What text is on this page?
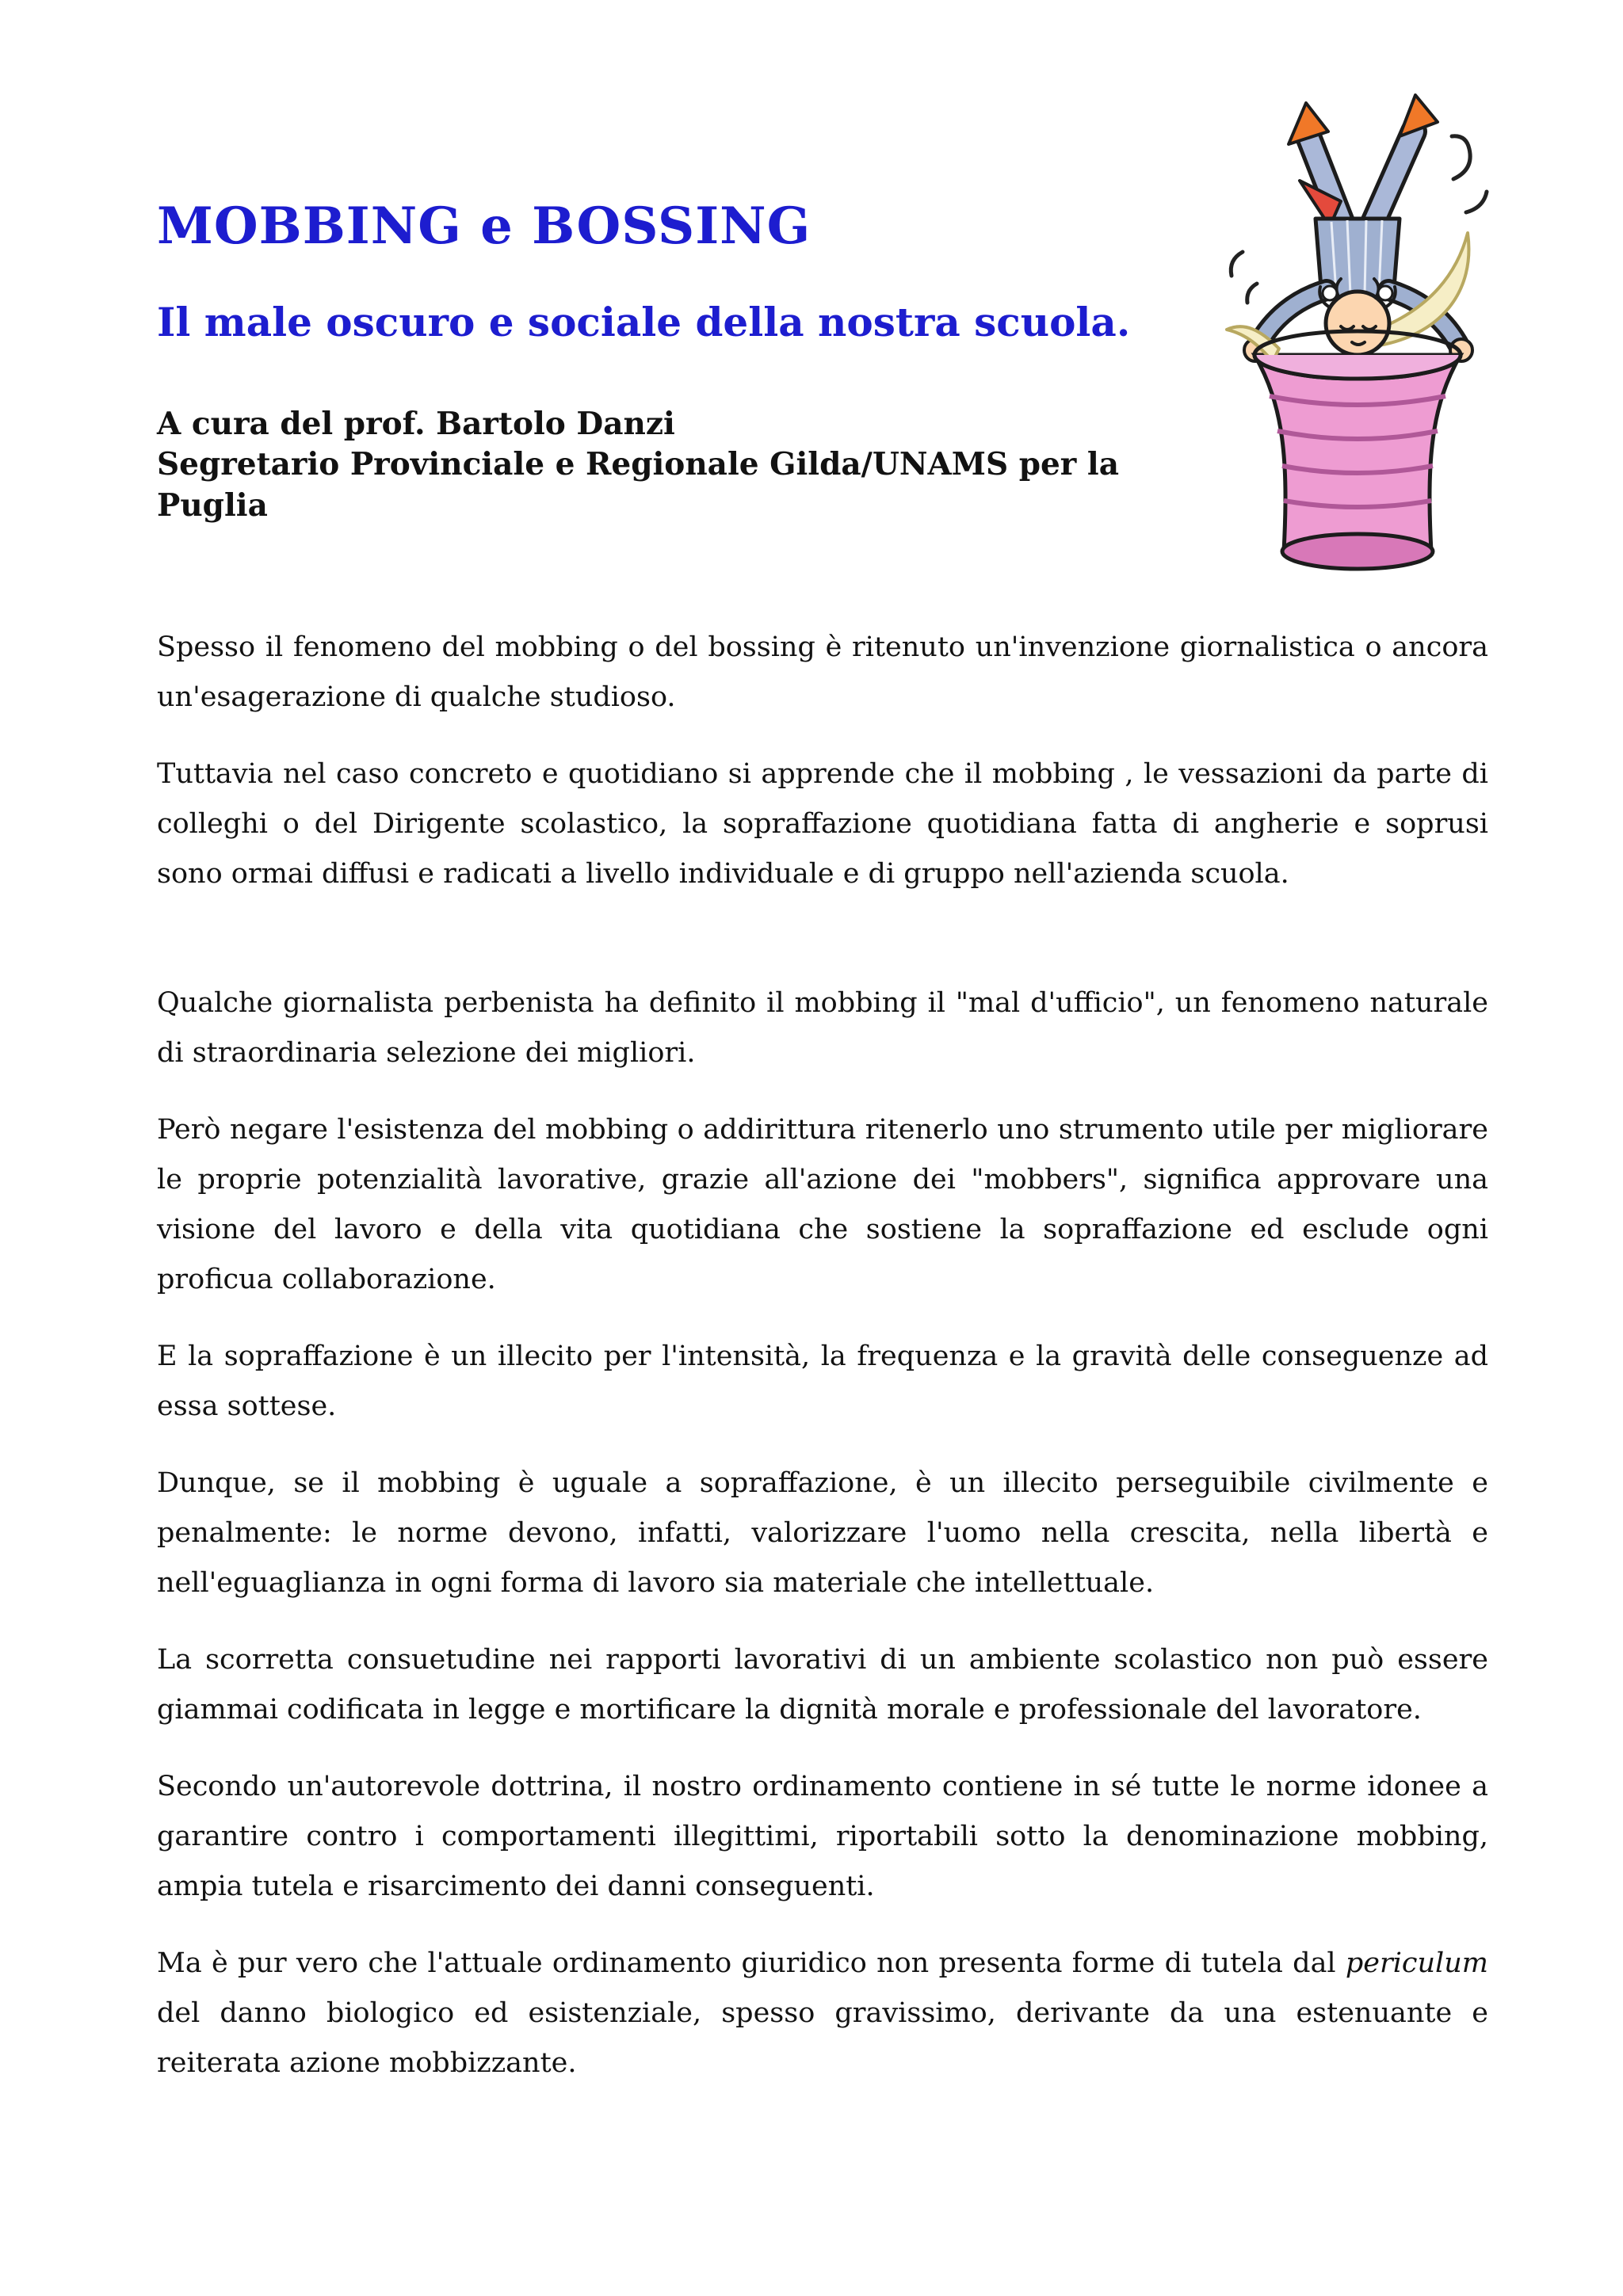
MOBBING e BOSSING
Il male oscuro e sociale della nostra scuola.
A cura del prof. Bartolo Danzi
Segretario Provinciale e Regionale Gilda/UNAMS per la
Puglia

Spesso il fenomeno del mobbing o del bossing è ritenuto un'invenzione giornalistica o ancora un'esagerazione di qualche studioso.

Tuttavia nel caso concreto e quotidiano si apprende che il mobbing , le vessazioni da parte di colleghi o del Dirigente scolastico, la sopraffazione quotidiana fatta di angherie e soprusi sono ormai diffusi e radicati a livello individuale e di gruppo nell'azienda scuola.

Qualche giornalista perbenista ha definito il mobbing il "mal d'ufficio", un fenomeno naturale di straordinaria selezione dei migliori.

Però negare l'esistenza del mobbing o addirittura ritenerlo uno strumento utile per migliorare le proprie potenzialità lavorative, grazie all'azione dei "mobbers", significa approvare una visione del lavoro e della vita quotidiana che sostiene la sopraffazione ed esclude ogni proficua collaborazione.

E la sopraffazione è un illecito per l'intensità, la frequenza e la gravità delle conseguenze ad essa sottese.

Dunque, se il mobbing è uguale a sopraffazione, è un illecito perseguibile civilmente e penalmente: le norme devono, infatti, valorizzare l'uomo nella crescita, nella libertà e nell'eguaglianza in ogni forma di lavoro sia materiale che intellettuale.

La scorretta consuetudine nei rapporti lavorativi di un ambiente scolastico non può essere giammai codificata in legge e mortificare la dignità morale e professionale del lavoratore.

Secondo un'autorevole dottrina, il nostro ordinamento contiene in sé tutte le norme idonee a garantire contro i comportamenti illegittimi, riportabili sotto la denominazione mobbing, ampia tutela e risarcimento dei danni conseguenti.

Ma è pur vero che l'attuale ordinamento giuridico non presenta forme di tutela dal periculum del danno biologico ed esistenziale, spesso gravissimo, derivante da una estenuante e reiterata azione mobbizzante.
